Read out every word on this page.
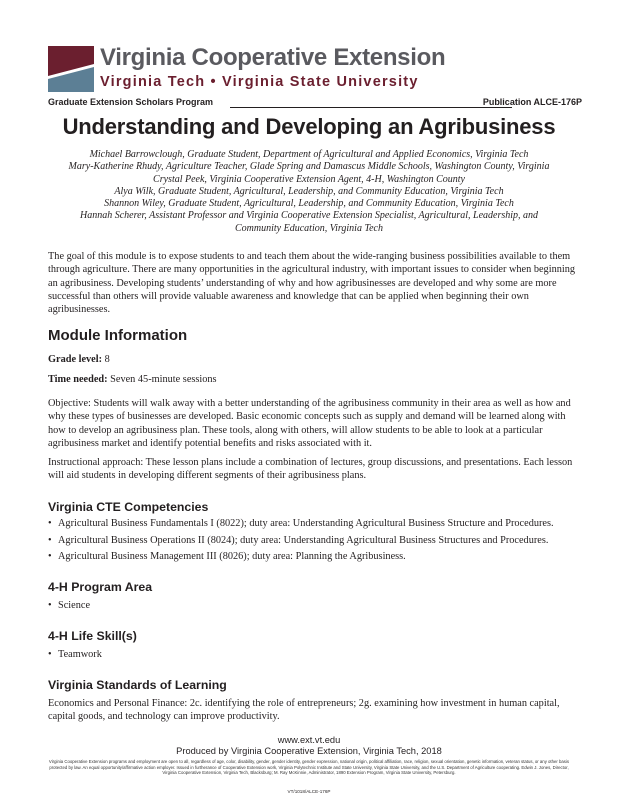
Virginia Cooperative Extension
Virginia Tech • Virginia State University
Graduate Extension Scholars Program	Publication ALCE-176P
Understanding and Developing an Agribusiness
Michael Barrowclough, Graduate Student, Department of Agricultural and Applied Economics, Virginia Tech
Mary-Katherine Rhudy, Agriculture Teacher, Glade Spring and Damascus Middle Schools, Washington County, Virginia
Crystal Peek, Virginia Cooperative Extension Agent, 4-H, Washington County
Alya Wilk, Graduate Student, Agricultural, Leadership, and Community Education, Virginia Tech
Shannon Wiley, Graduate Student, Agricultural, Leadership, and Community Education, Virginia Tech
Hannah Scherer, Assistant Professor and Virginia Cooperative Extension Specialist, Agricultural, Leadership, and Community Education, Virginia Tech
The goal of this module is to expose students to and teach them about the wide-ranging business possibilities available to them through agriculture. There are many opportunities in the agricultural industry, with important issues to consider when beginning an agribusiness. Developing students’ understanding of why and how agribusinesses are developed and why some are more successful than others will provide valuable awareness and knowledge that can be applied when beginning their own agribusinesses.
Module Information
Grade level: 8
Time needed: Seven 45-minute sessions
Objective: Students will walk away with a better understanding of the agribusiness community in their area as well as how and why these types of businesses are developed. Basic economic concepts such as supply and demand will be learned along with how to develop an agribusiness plan. These tools, along with others, will allow students to be able to look at a particular agribusiness market and identify potential benefits and risks associated with it.
Instructional approach: These lesson plans include a combination of lectures, group discussions, and presentations. Each lesson will aid students in developing different segments of their agribusiness plans.
Virginia CTE Competencies
• Agricultural Business Fundamentals I (8022); duty area: Understanding Agricultural Business Structure and Procedures.
• Agricultural Business Operations II (8024); duty area: Understanding Agricultural Business Structures and Procedures.
• Agricultural Business Management III (8026); duty area: Planning the Agribusiness.
4-H Program Area
• Science
4-H Life Skill(s)
• Teamwork
Virginia Standards of Learning
Economics and Personal Finance: 2c. identifying the role of entrepreneurs; 2g. examining how investment in human capital, capital goods, and technology can improve productivity.
www.ext.vt.edu
Produced by Virginia Cooperative Extension, Virginia Tech, 2018
Virginia Cooperative Extension programs and employment are open to all, regardless of age, color, disability, gender, gender identity, gender expression, national origin, political affiliation, race, religion, sexual orientation, genetic information, veteran status, or any other basis protected by law. An equal opportunity/affirmative action employer. Issued in furtherance of Cooperative Extension work, Virginia Polytechnic Institute and State University, Virginia State University, and the U.S. Department of Agriculture cooperating. Edwin J. Jones, Director, Virginia Cooperative Extension, Virginia Tech, Blacksburg; M. Ray McKinnie, Administrator, 1890 Extension Program, Virginia State University, Petersburg.
VT/1018/ALCE-176P
